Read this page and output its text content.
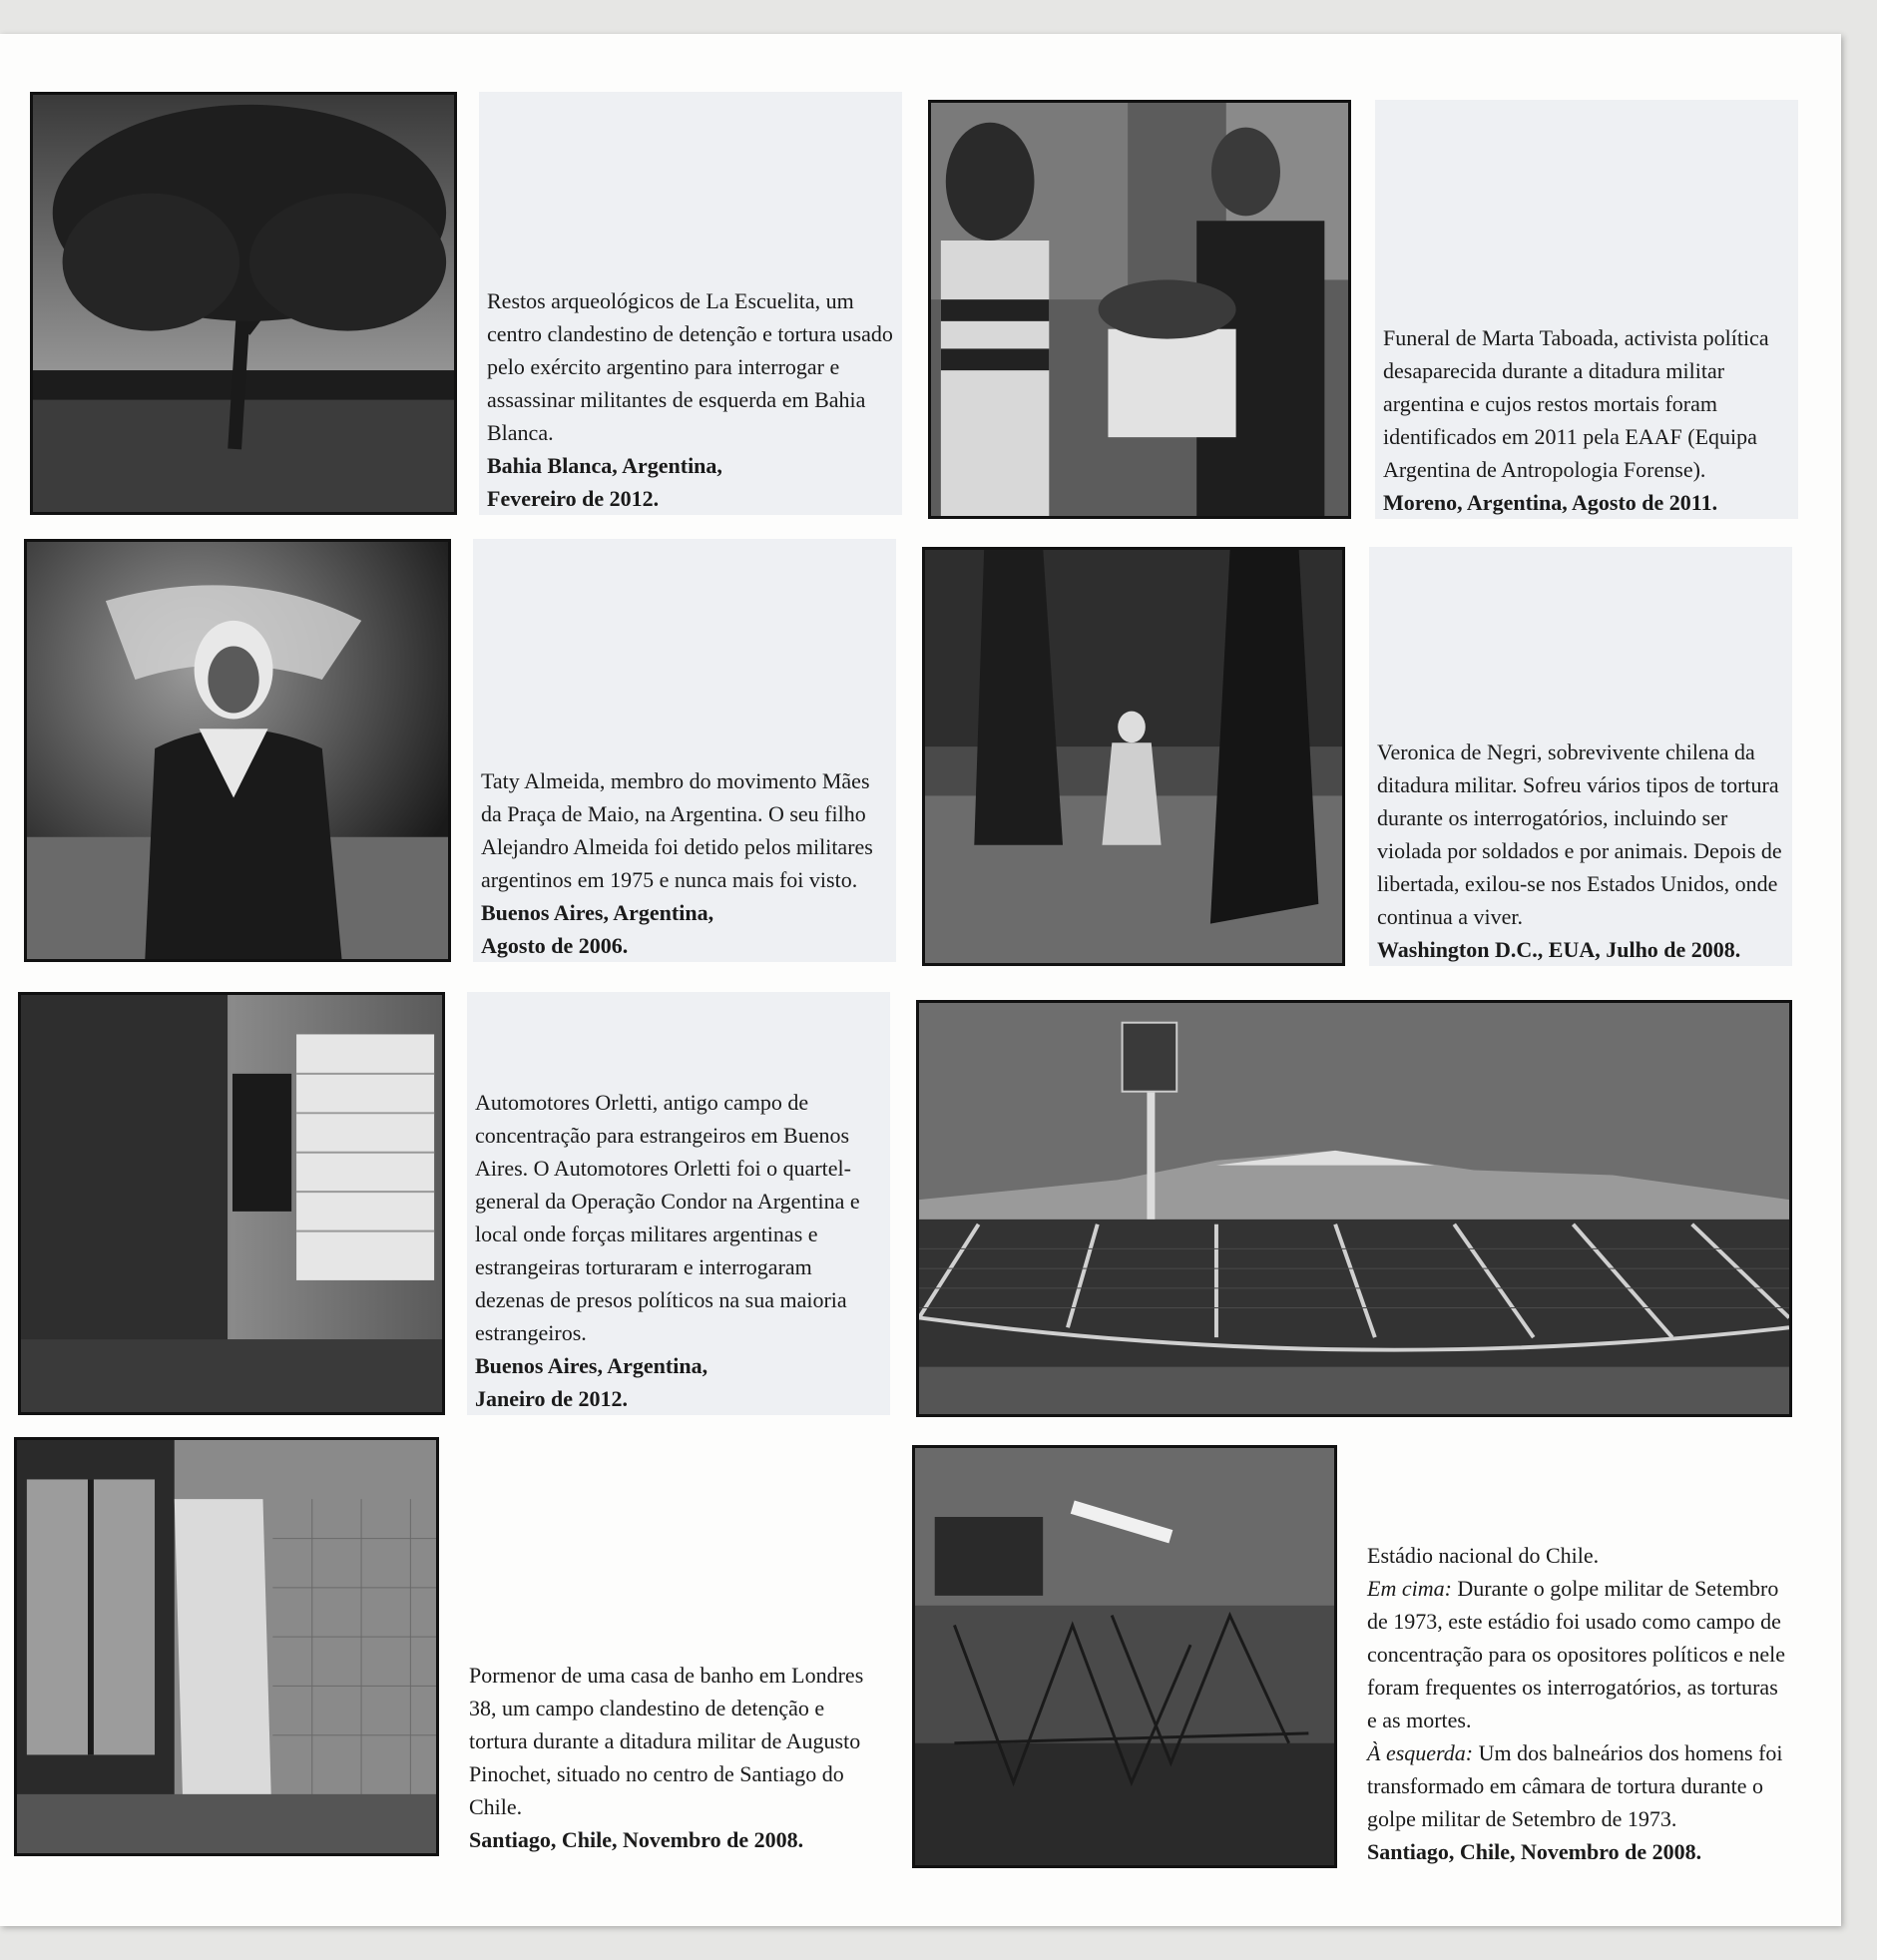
Restos arqueológicos de La Escuelita, um centro clandestino de detenção e tortura usado pelo exército argentino para interrogar e assassinar militantes de esquerda em Bahia Blanca.

Bahia Blanca, Argentina,

Fevereiro de 2012.

Funeral de Marta Taboada, activista política desaparecida durante a ditadura militar argentina e cujos restos mortais foram identificados em 2011 pela EAAF (Equipa Argentina de Antropologia Forense).

Moreno, Argentina, Agosto de 2011.

Taty Almeida, membro do movimento Mães da Praça de Maio, na Argentina. O seu filho Alejandro Almeida foi detido pelos militares argentinos em 1975 e nunca mais foi visto.

Buenos Aires, Argentina,

Agosto de 2006.

Veronica de Negri, sobrevivente chilena da ditadura militar. Sofreu vários tipos de tortura durante os interrogatórios, incluindo ser violada por soldados e por animais. Depois de libertada, exilou-se nos Estados Unidos, onde continua a viver.

Washington D.C., EUA, Julho de 2008.

Automotores Orletti, antigo campo de concentração para estrangeiros em Buenos Aires. O Automotores Orletti foi o quartel-general da Operação Condor na Argentina e local onde forças militares argentinas e estrangeiras torturaram e interrogaram dezenas de presos políticos na sua maioria estrangeiros.

Buenos Aires, Argentina,

Janeiro de 2012.

Pormenor de uma casa de banho em Londres 38, um campo clandestino de detenção e tortura durante a ditadura militar de Augusto Pinochet, situado no centro de Santiago do Chile.

Santiago, Chile, Novembro de 2008.

Estádio nacional do Chile.

Em cima: Durante o golpe militar de Setembro de 1973, este estádio foi usado como campo de concentração para os opositores políticos e nele foram frequentes os interrogatórios, as torturas e as mortes.

À esquerda: Um dos balneários dos homens foi transformado em câmara de tortura durante o golpe militar de Setembro de 1973.

Santiago, Chile, Novembro de 2008.
